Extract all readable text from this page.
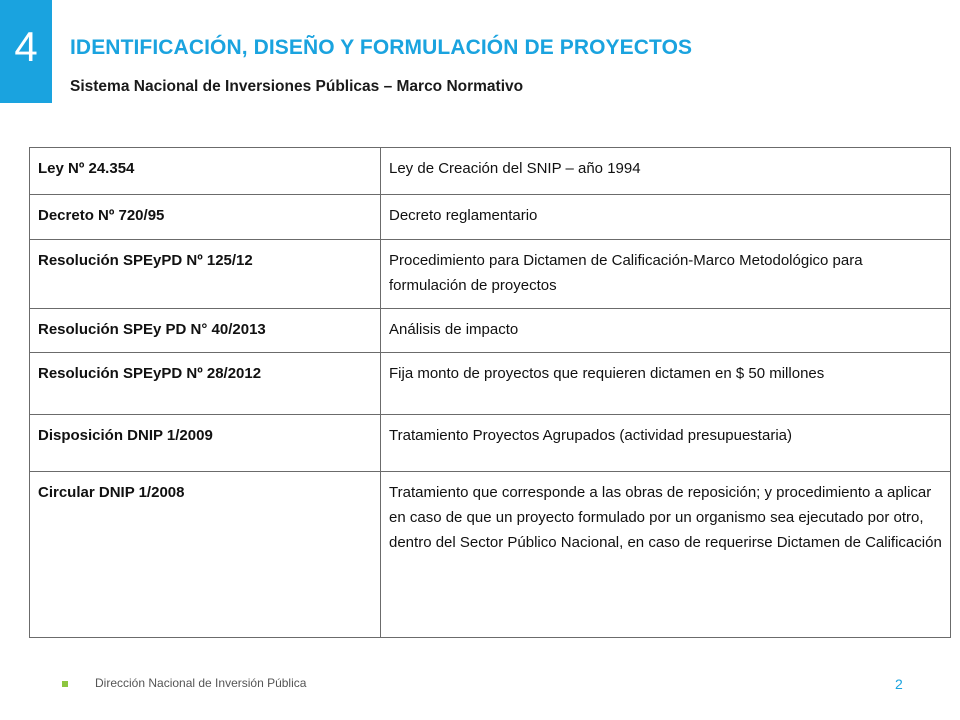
4 IDENTIFICACIÓN, DISEÑO Y FORMULACIÓN DE PROYECTOS
Sistema Nacional de Inversiones Públicas – Marco Normativo
Ley Nº 24.354	Ley de Creación del SNIP – año 1994
Decreto Nº 720/95	Decreto reglamentario
Resolución SPEyPD Nº 125/12	Procedimiento para Dictamen de Calificación-Marco Metodológico para formulación de proyectos
Resolución SPEy PD N° 40/2013	Análisis de impacto
Resolución SPEyPD Nº 28/2012	Fija monto de proyectos que requieren dictamen en $ 50 millones
Disposición DNIP 1/2009	Tratamiento Proyectos Agrupados (actividad presupuestaria)
Circular DNIP 1/2008	Tratamiento que corresponde a las obras de reposición; y procedimiento a aplicar en caso de que un proyecto formulado por un organismo sea ejecutado por otro, dentro del Sector Público Nacional, en caso de requerirse Dictamen de Calificación
Dirección Nacional de Inversión Pública	2
